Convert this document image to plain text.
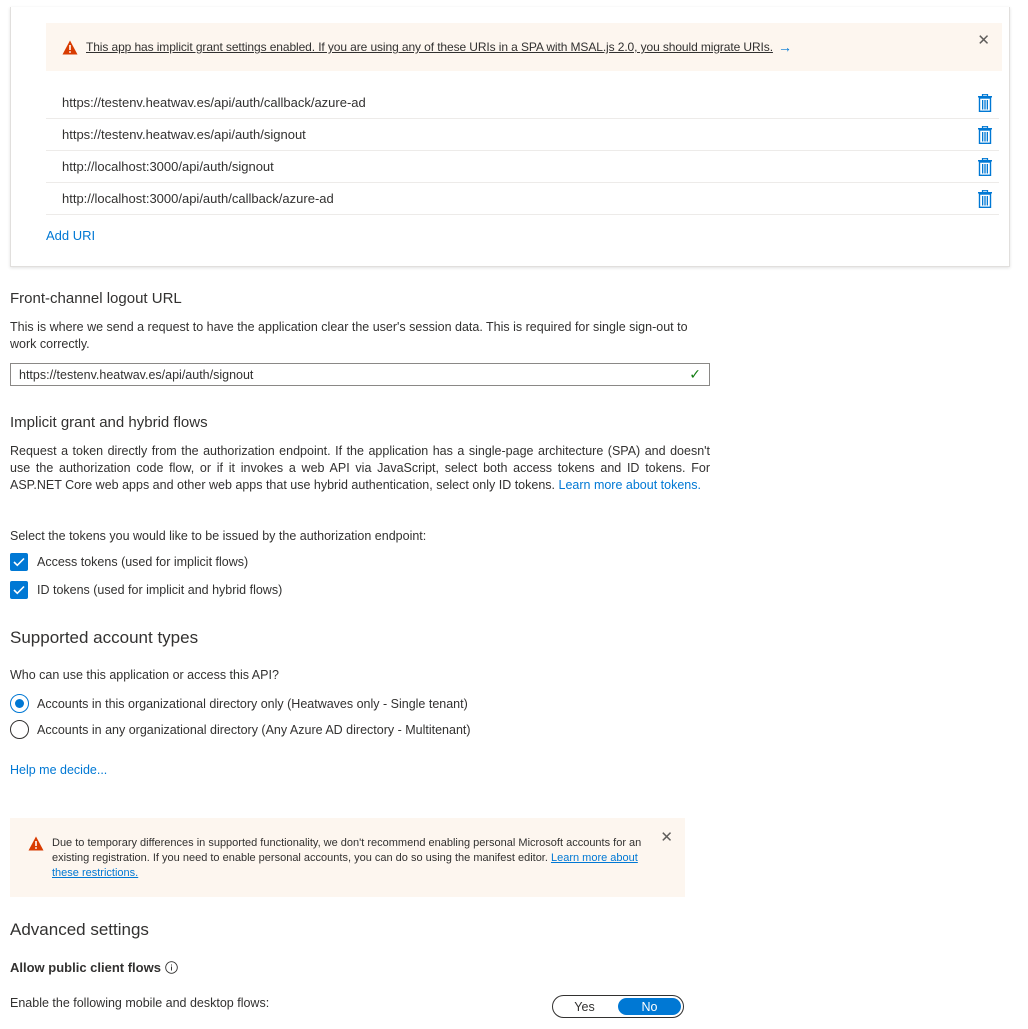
This app has implicit grant settings enabled. If you are using any of these URIs in a SPA with MSAL.js 2.0, you should migrate URIs. →	✕
https://testenv.heatwav.es/api/auth/callback/azure-ad
https://testenv.heatwav.es/api/auth/signout
http://localhost:3000/api/auth/signout
http://localhost:3000/api/auth/callback/azure-ad
Add URI
Front-channel logout URL
This is where we send a request to have the application clear the user's session data. This is required for single sign-out to work correctly.
https://testenv.heatwav.es/api/auth/signout	✓
Implicit grant and hybrid flows
Request a token directly from the authorization endpoint. If the application has a single-page architecture (SPA) and doesn't use the authorization code flow, or if it invokes a web API via JavaScript, select both access tokens and ID tokens. For ASP.NET Core web apps and other web apps that use hybrid authentication, select only ID tokens. Learn more about tokens.
Select the tokens you would like to be issued by the authorization endpoint:
Access tokens (used for implicit flows)
ID tokens (used for implicit and hybrid flows)
Supported account types
Who can use this application or access this API?
Accounts in this organizational directory only (Heatwaves only - Single tenant)
Accounts in any organizational directory (Any Azure AD directory - Multitenant)
Help me decide...
Due to temporary differences in supported functionality, we don't recommend enabling personal Microsoft accounts for an existing registration. If you need to enable personal accounts, you can do so using the manifest editor. Learn more about these restrictions.
✕
Advanced settings
Allow public client flows
Enable the following mobile and desktop flows:	Yes	No
